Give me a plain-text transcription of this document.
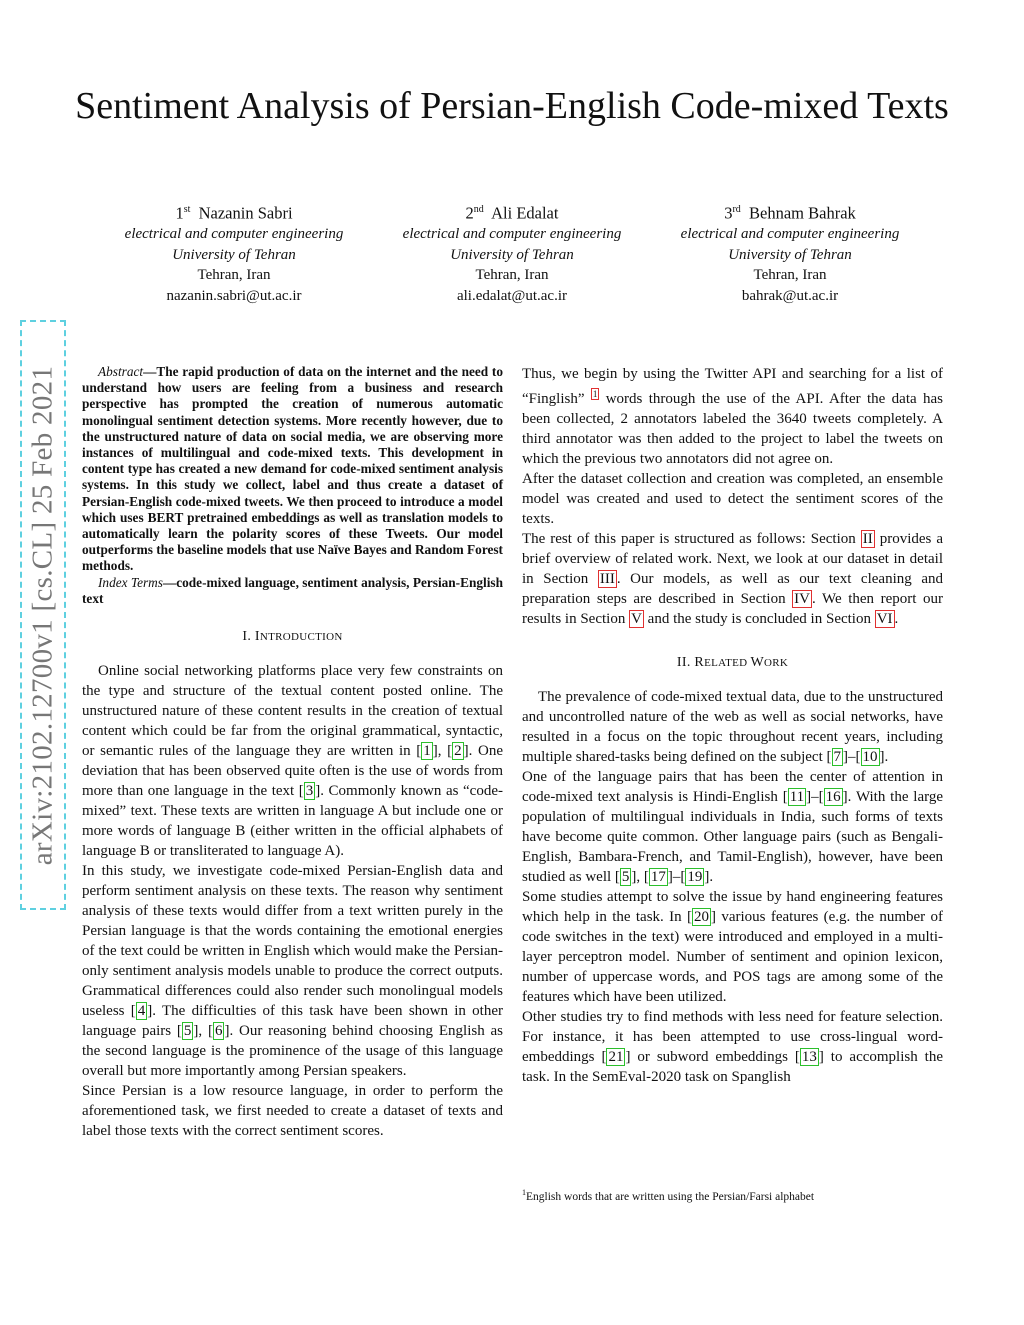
arXiv:2102.12700v1 [cs.CL] 25 Feb 2021
Sentiment Analysis of Persian-English Code-mixed Texts
1st Nazanin Sabri
electrical and computer engineering
University of Tehran
Tehran, Iran
nazanin.sabri@ut.ac.ir
2nd Ali Edalat
electrical and computer engineering
University of Tehran
Tehran, Iran
ali.edalat@ut.ac.ir
3rd Behnam Bahrak
electrical and computer engineering
University of Tehran
Tehran, Iran
bahrak@ut.ac.ir

Abstract—The rapid production of data on the internet and the need to understand how users are feeling from a business and research perspective has prompted the creation of numerous automatic monolingual sentiment detection systems. More recently however, due to the unstructured nature of data on social media, we are observing more instances of multilingual and code-mixed texts. This development in content type has created a new demand for code-mixed sentiment analysis systems. In this study we collect, label and thus create a dataset of Persian-English code-mixed tweets. We then proceed to introduce a model which uses BERT pretrained embeddings as well as translation models to automatically learn the polarity scores of these Tweets. Our model outperforms the baseline models that use Naïve Bayes and Random Forest methods.

Index Terms—code-mixed language, sentiment analysis, Persian-English text

I. INTRODUCTION

Online social networking platforms place very few constraints on the type and structure of the textual content posted online. The unstructured nature of these content results in the creation of textual content which could be far from the original grammatical, syntactic, or semantic rules of the language they are written in [ 1 ], [ 2 ]. One deviation that has been observed quite often is the use of words from more than one language in the text [ 3 ]. Commonly known as “code-mixed” text. These texts are written in language A but include one or more words of language B (either written in the official alphabets of language B or transliterated to language A).

In this study, we investigate code-mixed Persian-English data and perform sentiment analysis on these texts. The reason why sentiment analysis of these texts would differ from a text written purely in the Persian language is that the words containing the emotional energies of the text could be written in English which would make the Persian-only sentiment analysis models unable to produce the correct outputs. Grammatical differences could also render such monolingual models useless [ 4 ]. The difficulties of this task have been shown in other language pairs [ 5 ], [ 6 ]. Our reasoning behind choosing English as the second language is the prominence of the usage of this language overall but more importantly among Persian speakers.

Since Persian is a low resource language, in order to perform the aforementioned task, we first needed to create a dataset of texts and label those texts with the correct sentiment scores.

Thus, we begin by using the Twitter API and searching for a list of “Finglish” $^1$ words through the use of the API. After the data has been collected, 2 annotators labeled the 3640 tweets completely. A third annotator was then added to the project to label the tweets on which the previous two annotators did not agree on.

After the dataset collection and creation was completed, an ensemble model was created and used to detect the sentiment scores of the texts.

The rest of this paper is structured as follows: Section II provides a brief overview of related work. Next, we look at our dataset in detail in Section III . Our models, as well as our text cleaning and preparation steps are described in Section IV . We then report our results in Section V and the study is concluded in Section VI .

II. RELATED WORK

The prevalence of code-mixed textual data, due to the unstructured and uncontrolled nature of the web as well as social networks, have resulted in a focus on the topic throughout recent years, including multiple shared-tasks being defined on the subject [ 7 ]–[ 10 ].

One of the language pairs that has been the center of attention in code-mixed text analysis is Hindi-English [ 11 ]–[ 16 ]. With the large population of multilingual individuals in India, such forms of texts have become quite common. Other language pairs (such as Bengali-English, Bambara-French, and Tamil-English), however, have been studied as well [ 5 ], [ 17 ]–[ 19 ].

Some studies attempt to solve the issue by hand engineering features which help in the task. In [ 20 ] various features (e.g. the number of code switches in the text) were introduced and employed in a multi-layer perceptron model. Number of sentiment and opinion lexicon, number of uppercase words, and POS tags are among some of the features which have been utilized.

Other studies try to find methods with less need for feature selection. For instance, it has been attempted to use cross-lingual word-embeddings [ 21 ] or subword embeddings [ 13 ] to accomplish the task. In the SemEval-2020 task on Spanglish

$^1$English words that are written using the Persian/Farsi alphabet
